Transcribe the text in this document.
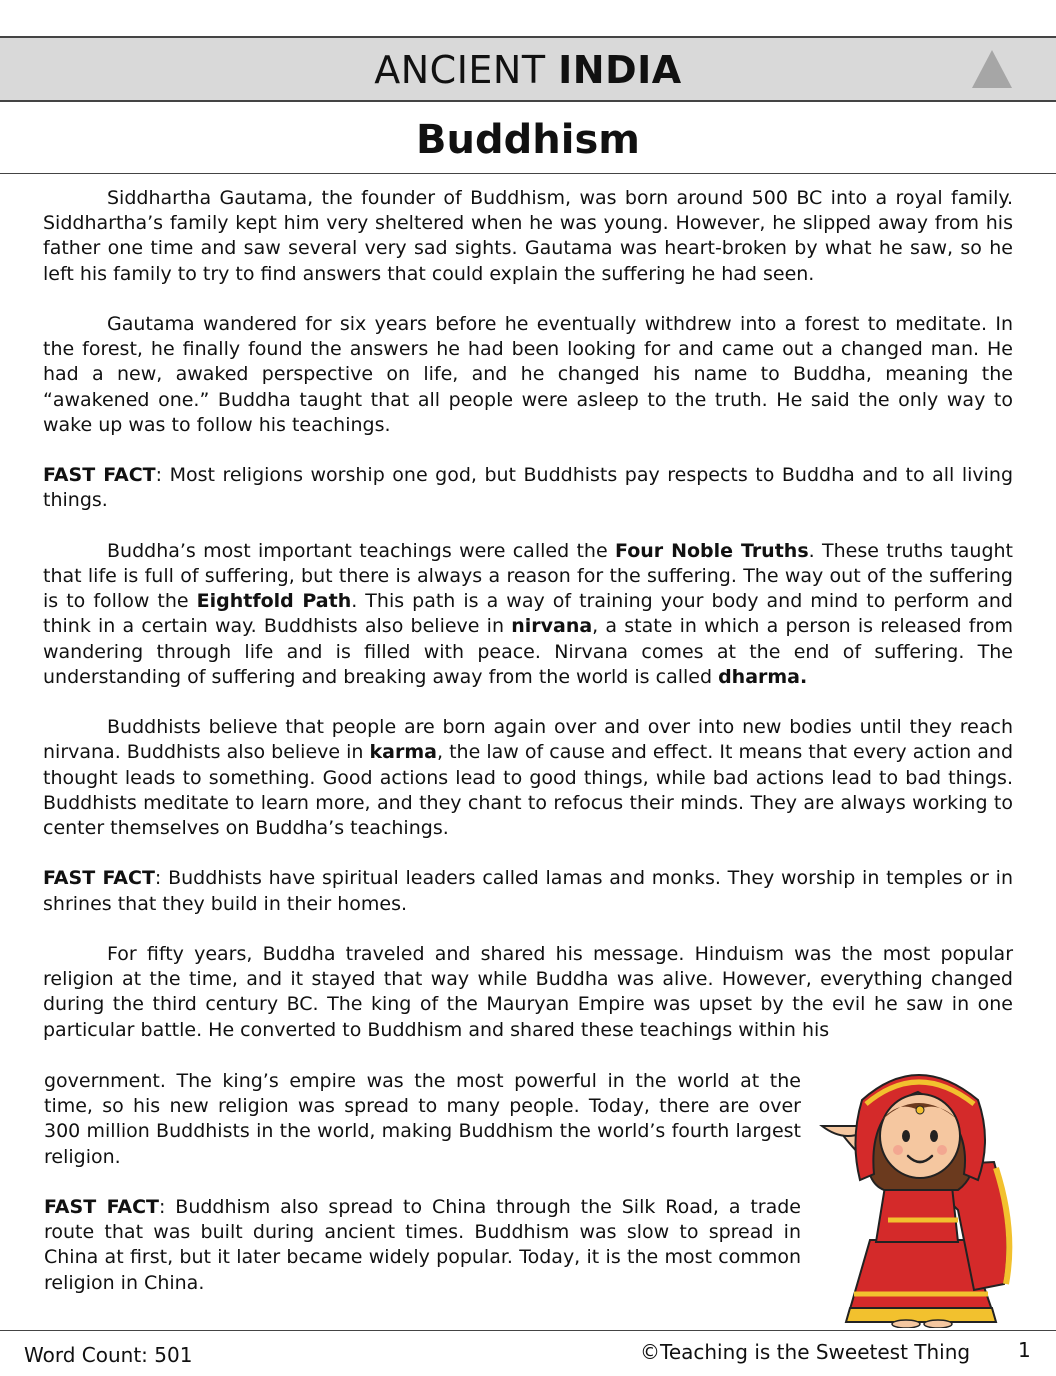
ANCIENT INDIA
Buddhism

Siddhartha Gautama, the founder of Buddhism, was born around 500 BC into a royal family. Siddhartha’s family kept him very sheltered when he was young. However, he slipped away from his father one time and saw several very sad sights. Gautama was heart-broken by what he saw, so he left his family to try to find answers that could explain the suffering he had seen.

Gautama wandered for six years before he eventually withdrew into a forest to meditate. In the forest, he finally found the answers he had been looking for and came out a changed man. He had a new, awaked perspective on life, and he changed his name to Buddha, meaning the “awakened one.” Buddha taught that all people were asleep to the truth. He said the only way to wake up was to follow his teachings.

FAST FACT: Most religions worship one god, but Buddhists pay respects to Buddha and to all living things.

Buddha’s most important teachings were called the Four Noble Truths. These truths taught that life is full of suffering, but there is always a reason for the suffering. The way out of the suffering is to follow the Eightfold Path. This path is a way of training your body and mind to perform and think in a certain way. Buddhists also believe in nirvana, a state in which a person is released from wandering through life and is filled with peace. Nirvana comes at the end of suffering. The understanding of suffering and breaking away from the world is called dharma.

Buddhists believe that people are born again over and over into new bodies until they reach nirvana. Buddhists also believe in karma, the law of cause and effect. It means that every action and thought leads to something. Good actions lead to good things, while bad actions lead to bad things. Buddhists meditate to learn more, and they chant to refocus their minds. They are always working to center themselves on Buddha’s teachings.

FAST FACT: Buddhists have spiritual leaders called lamas and monks. They worship in temples or in shrines that they build in their homes.

For fifty years, Buddha traveled and shared his message. Hinduism was the most popular religion at the time, and it stayed that way while Buddha was alive. However, everything changed during the third century BC. The king of the Mauryan Empire was upset by the evil he saw in one particular battle. He converted to Buddhism and shared these teachings within his

government. The king’s empire was the most powerful in the world at the time, so his new religion was spread to many people. Today, there are over 300 million Buddhists in the world, making Buddhism the world’s fourth largest religion.

FAST FACT: Buddhism also spread to China through the Silk Road, a trade route that was built during ancient times. Buddhism was slow to spread in China at first, but it later became widely popular. Today, it is the most common religion in China.

Word Count: 501	©Teaching is the Sweetest Thing 1
